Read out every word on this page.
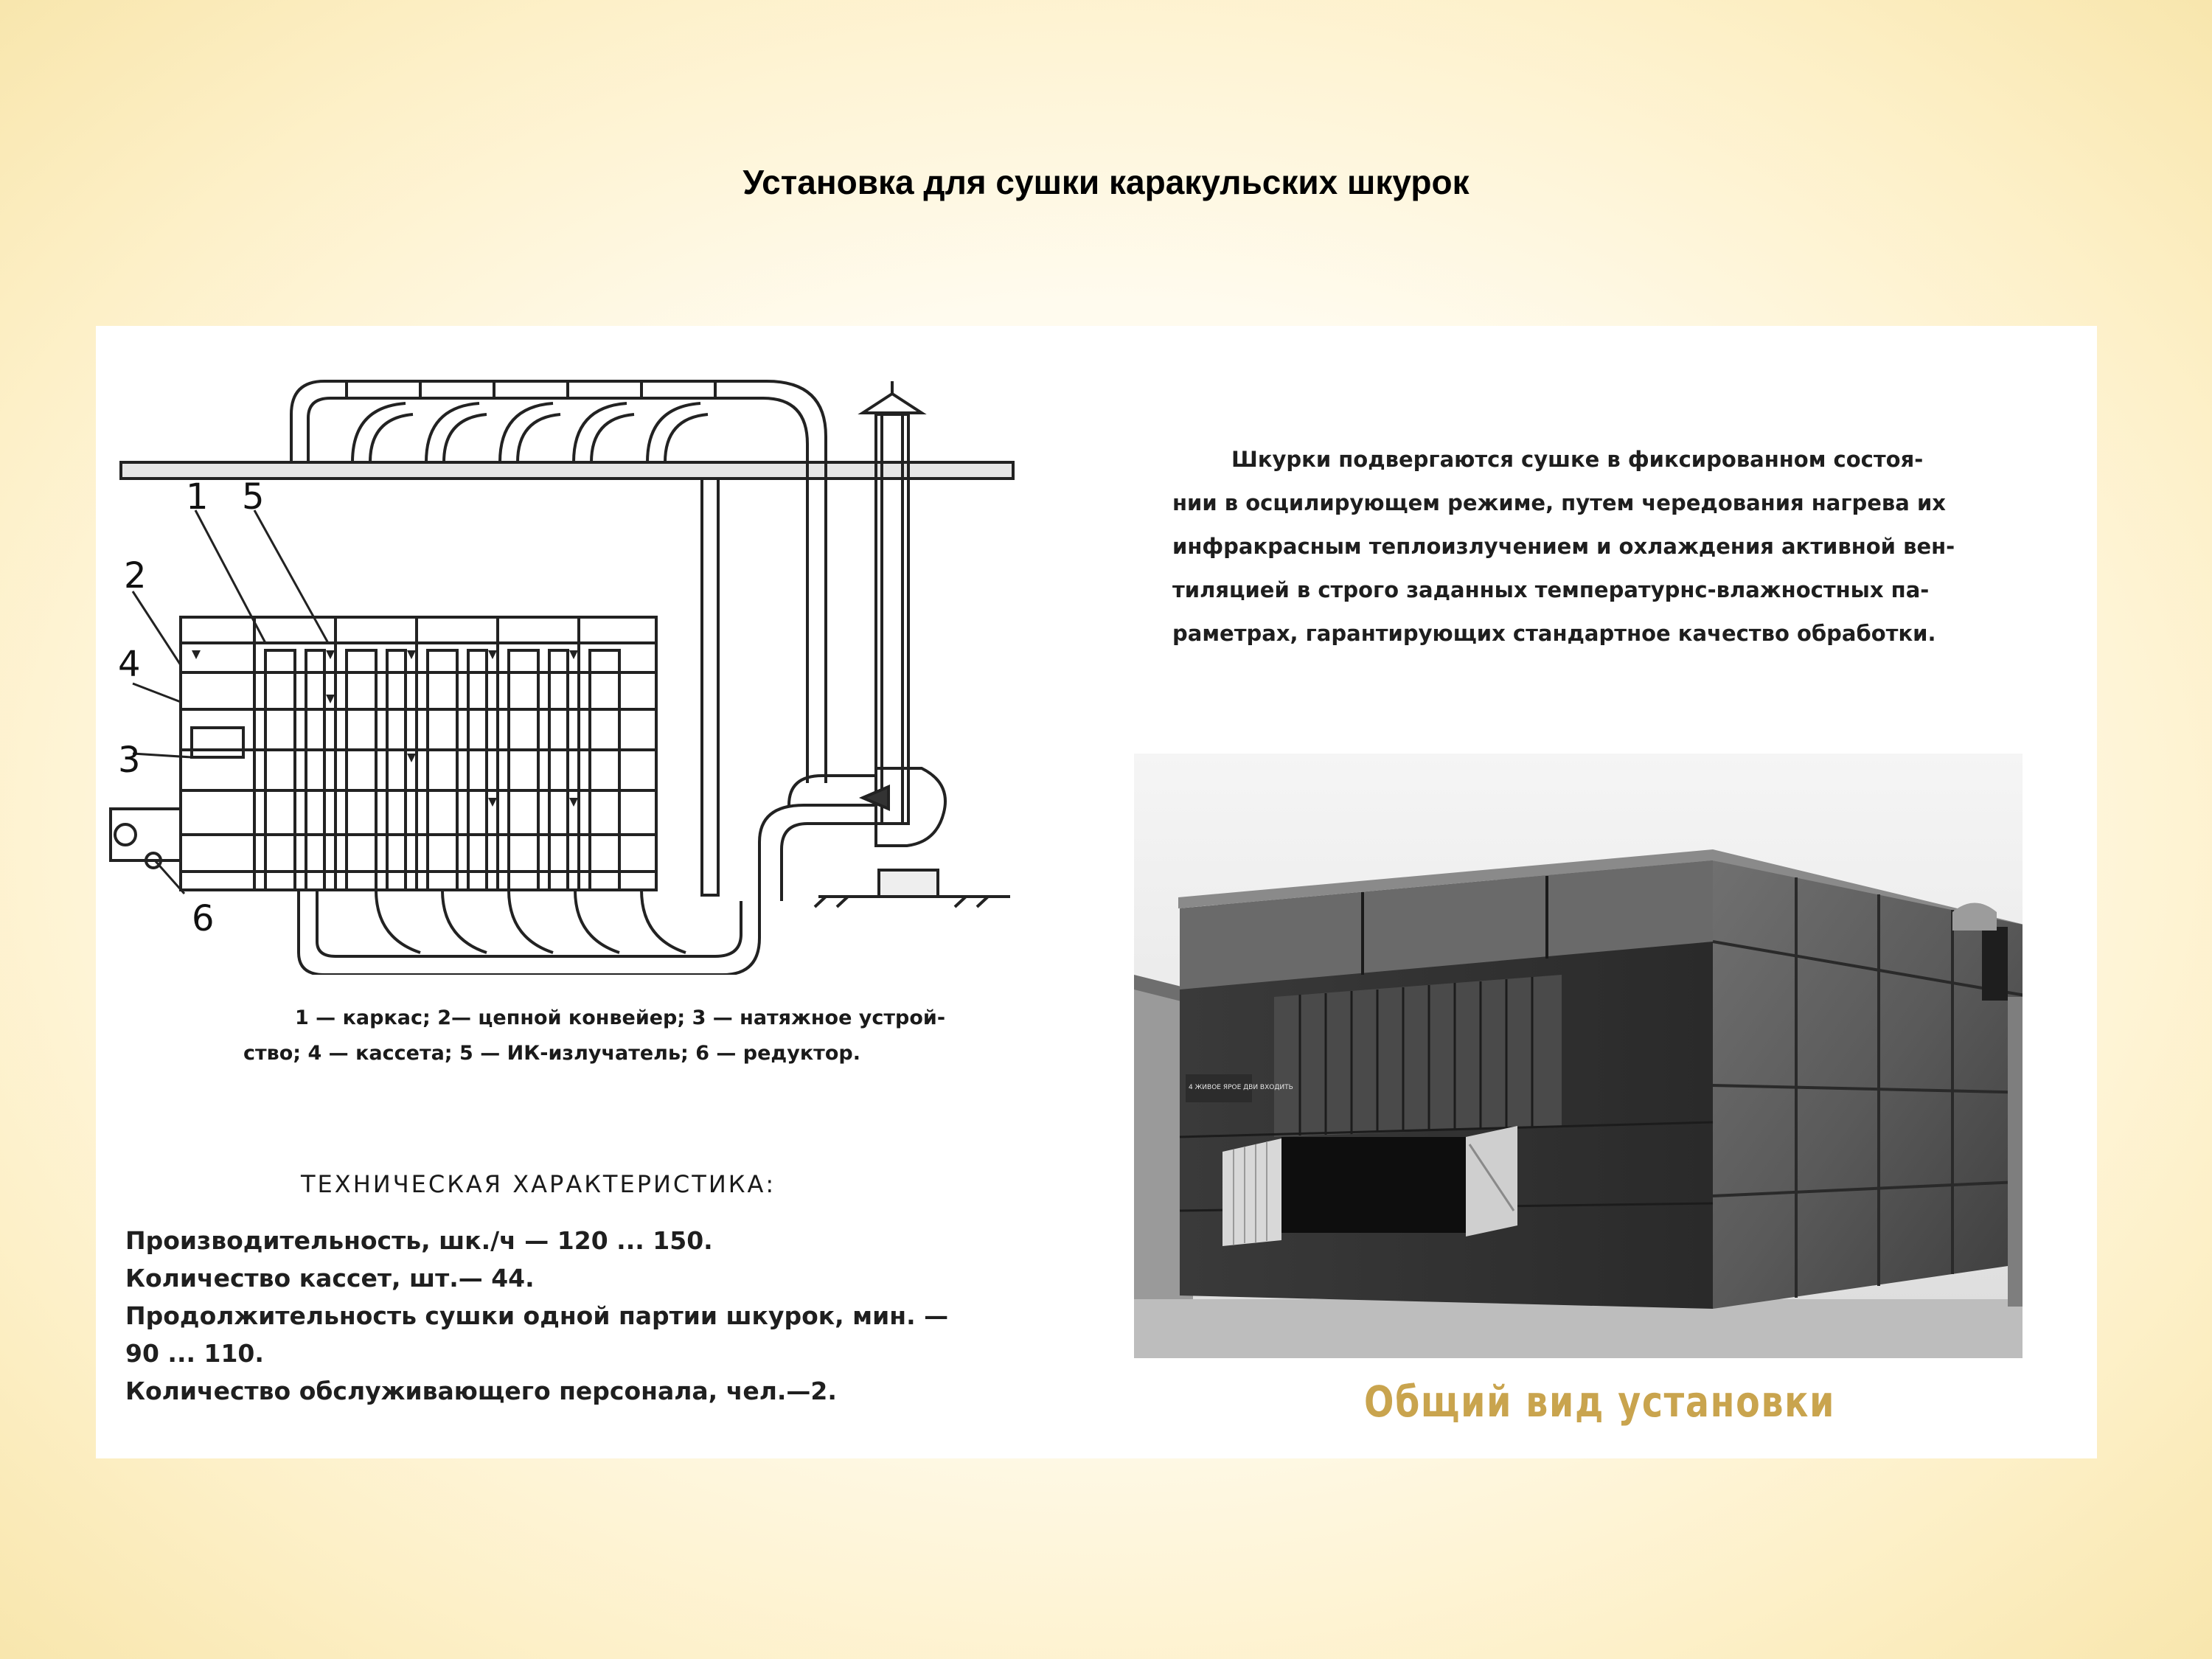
Установка для сушки каракульских шкурок
1 5
2
4
3
6
1 — каркас; 2— цепной конвейер; 3 — натяжное устрой-
ство; 4 — кассета; 5 — ИК-излучатель; 6 — редуктор.
ТЕХНИЧЕСКАЯ ХАРАКТЕРИСТИКА:
Производительность, шк./ч — 120 ... 150.
Количество кассет, шт.— 44.
Продолжительность сушки одной партии шкурок, мин. —
90 ... 110.
Количество обслуживающего персонала, чел.—2.
Шкурки подвергаются сушке в фиксированном состоя-
нии в осцилирующем режиме, путем чередования нагрева их
инфракрасным теплоизлучением и охлаждения активной вен-
тиляцией в строго заданных температурнс-влажностных па-
раметрах, гарантирующих стандартное качество обработки.
4 ЖИВОЕ ЯРОЕ ДВИ ВХОДИТЬ
Общий вид установки
